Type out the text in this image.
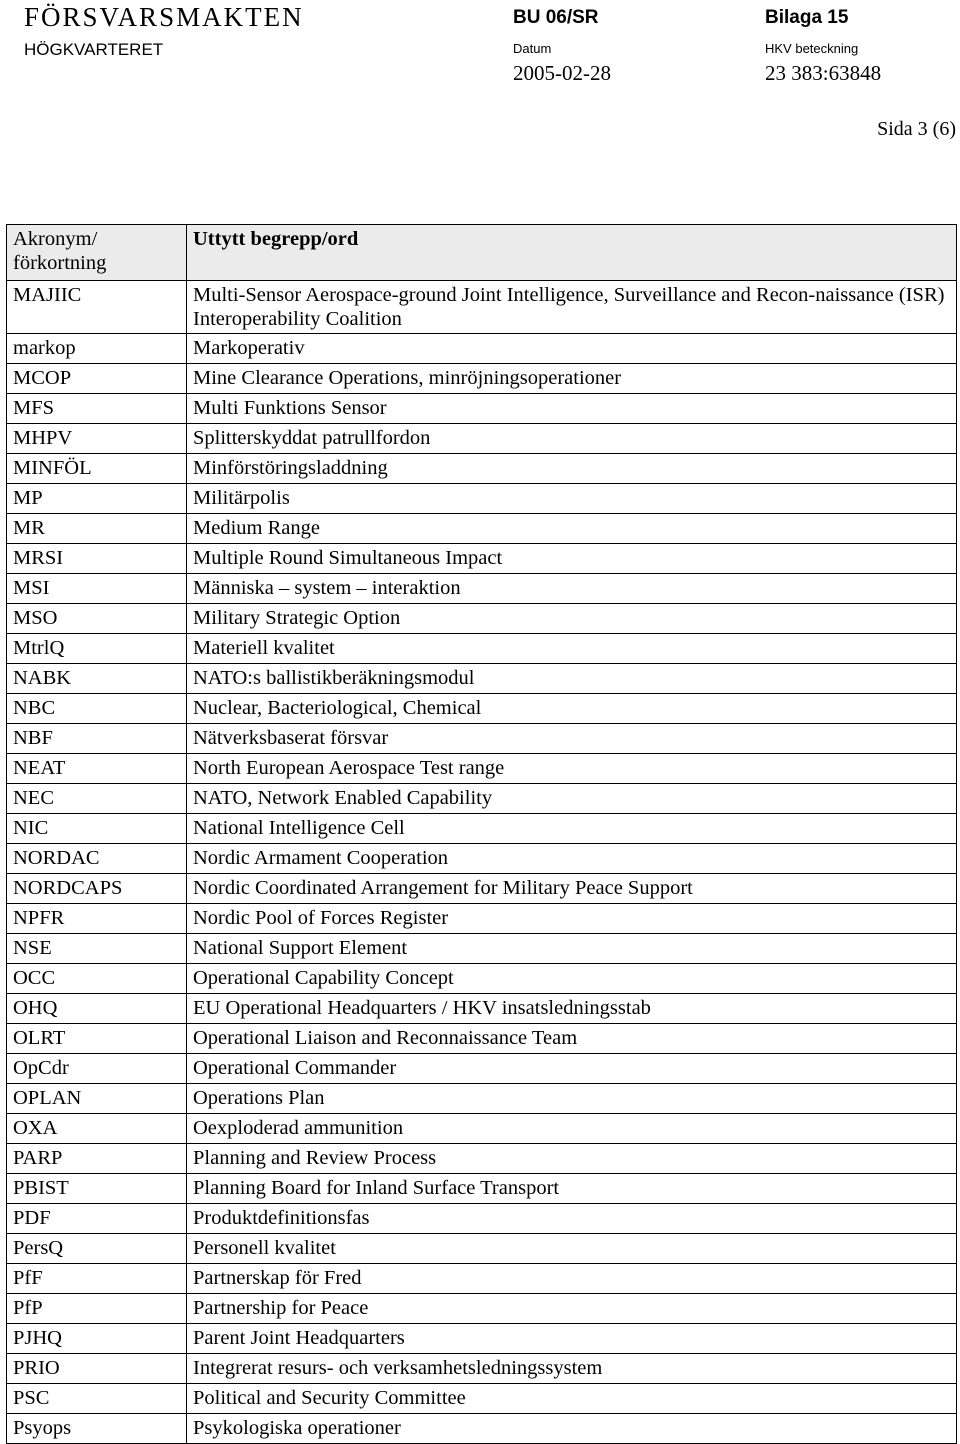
FÖRSVARSMAKTEN
HÖGKVARTERET
BU 06/SR	Bilaga 15
Datum	HKV beteckning
2005-02-28	23 383:63848
Sida 3 (6)
Akronym/ förkortning	Uttytt begrepp/ord
MAJIIC	Multi-Sensor Aerospace-ground Joint Intelligence, Surveillance and Recon-naissance (ISR) Interoperability Coalition
markop	Markoperativ
MCOP	Mine Clearance Operations, minröjningsoperationer
MFS	Multi Funktions Sensor
MHPV	Splitterskyddat patrullfordon
MINFÖL	Minförstöringsladdning
MP	Militärpolis
MR	Medium Range
MRSI	Multiple Round Simultaneous Impact
MSI	Människa – system – interaktion
MSO	Military Strategic Option
MtrlQ	Materiell kvalitet
NABK	NATO:s ballistikberäkningsmodul
NBC	Nuclear, Bacteriological, Chemical
NBF	Nätverksbaserat försvar
NEAT	North European Aerospace Test range
NEC	NATO, Network Enabled Capability
NIC	National Intelligence Cell
NORDAC	Nordic Armament Cooperation
NORDCAPS	Nordic Coordinated Arrangement for Military Peace Support
NPFR	Nordic Pool of Forces Register
NSE	National Support Element
OCC	Operational Capability Concept
OHQ	EU Operational Headquarters / HKV insatsledningsstab
OLRT	Operational Liaison and Reconnaissance Team
OpCdr	Operational Commander
OPLAN	Operations Plan
OXA	Oexploderad ammunition
PARP	Planning and Review Process
PBIST	Planning Board for Inland Surface Transport
PDF	Produktdefinitionsfas
PersQ	Personell kvalitet
PfF	Partnerskap för Fred
PfP	Partnership for Peace
PJHQ	Parent Joint Headquarters
PRIO	Integrerat resurs- och verksamhetsledningssystem
PSC	Political and Security Committee
Psyops	Psykologiska operationer
